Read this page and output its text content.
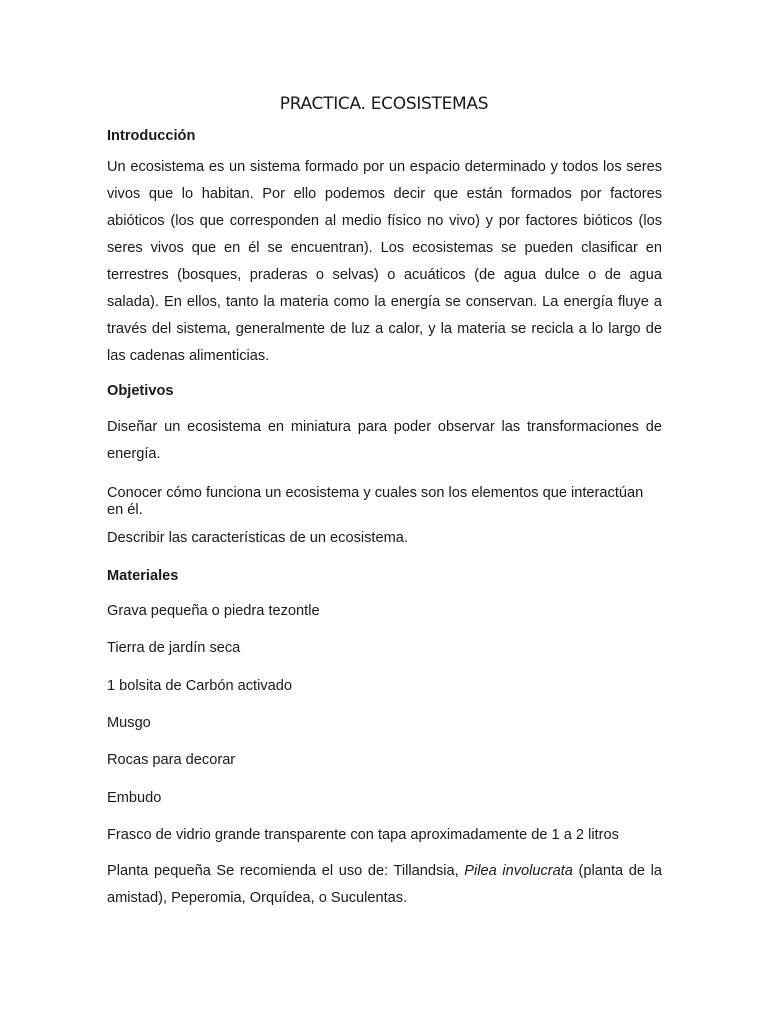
PRACTICA. ECOSISTEMAS
Introducción
Un ecosistema es un sistema formado por un espacio determinado y todos los seres vivos que lo habitan. Por ello podemos decir que están formados por factores abióticos (los que corresponden al medio físico no vivo) y por factores bióticos (los seres vivos que en él se encuentran). Los ecosistemas se pueden clasificar en terrestres (bosques, praderas o selvas) o acuáticos (de agua dulce o de agua salada). En ellos, tanto la materia como la energía se conservan. La energía fluye a través del sistema, generalmente de luz a calor, y la materia se recicla a lo largo de las cadenas alimenticias.
Objetivos
Diseñar un ecosistema en miniatura para poder observar las transformaciones de energía.
Conocer cómo funciona un ecosistema y cuales son los elementos que interactúan en él.
Describir las características de un ecosistema.
Materiales
Grava pequeña o piedra tezontle
Tierra de jardín seca
1 bolsita de Carbón activado
Musgo
Rocas para decorar
Embudo
Frasco de vidrio grande transparente con tapa aproximadamente de 1 a 2 litros
Planta pequeña Se recomienda el uso de: Tillandsia, Pilea involucrata (planta de la amistad), Peperomia, Orquídea, o Suculentas.
